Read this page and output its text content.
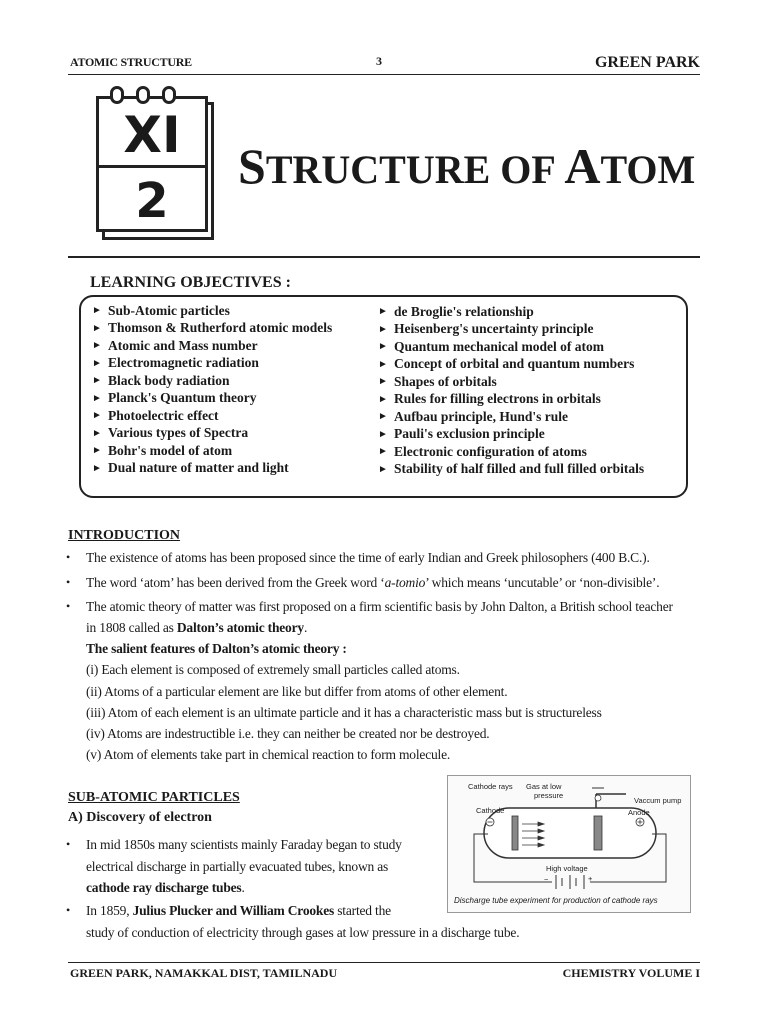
ATOMIC STRUCTURE	3	GREEN PARK
XI
2
STRUCTURE OF ATOM
LEARNING OBJECTIVES :
► Sub-Atomic particles
► Thomson & Rutherford atomic models
► Atomic and Mass number
► Electromagnetic radiation
► Black body radiation
► Planck's Quantum theory
► Photoelectric effect
► Various types of Spectra
► Bohr's model of atom
► Dual nature of matter and light
► de Broglie's relationship
► Heisenberg's uncertainty principle
► Quantum mechanical model of atom
► Concept of orbital and quantum numbers
► Shapes of orbitals
► Rules for filling electrons in orbitals
► Aufbau principle, Hund's rule
► Pauli's exclusion principle
► Electronic configuration of atoms
► Stability of half filled and full filled orbitals
INTRODUCTION
• The existence of atoms has been proposed since the time of early Indian and Greek philosophers (400 B.C.).
• The word ‘atom’ has been derived from the Greek word ‘a-tomio’ which means ‘uncutable’ or ‘non-divisible’.
• The atomic theory of matter was first proposed on a firm scientific basis by John Dalton, a British school teacher
in 1808 called as Dalton’s atomic theory.
The salient features of Dalton’s atomic theory :
(i) Each element is composed of extremely small particles called atoms.
(ii) Atoms of a particular element are like but differ from atoms of other element.
(iii) Atom of each element is an ultimate particle and it has a characteristic mass but is structureless
(iv) Atoms are indestructible i.e. they can neither be created nor be destroyed.
(v) Atom of elements take part in chemical reaction to form molecule.
SUB-ATOMIC PARTICLES
A) Discovery of electron
• In mid 1850s many scientists mainly Faraday began to study
electrical discharge in partially evacuated tubes, known as
cathode ray discharge tubes.
• In 1859, Julius Plucker and William Crookes started the
study of conduction of electricity through gases at low pressure in a discharge tube.
Cathode rays Gas at low
pressure
Vaccum pump
Cathode	Anode
High voltage
−	+
Discharge tube experiment for production of cathode rays
GREEN PARK, NAMAKKAL DIST, TAMILNADU	CHEMISTRY VOLUME I
